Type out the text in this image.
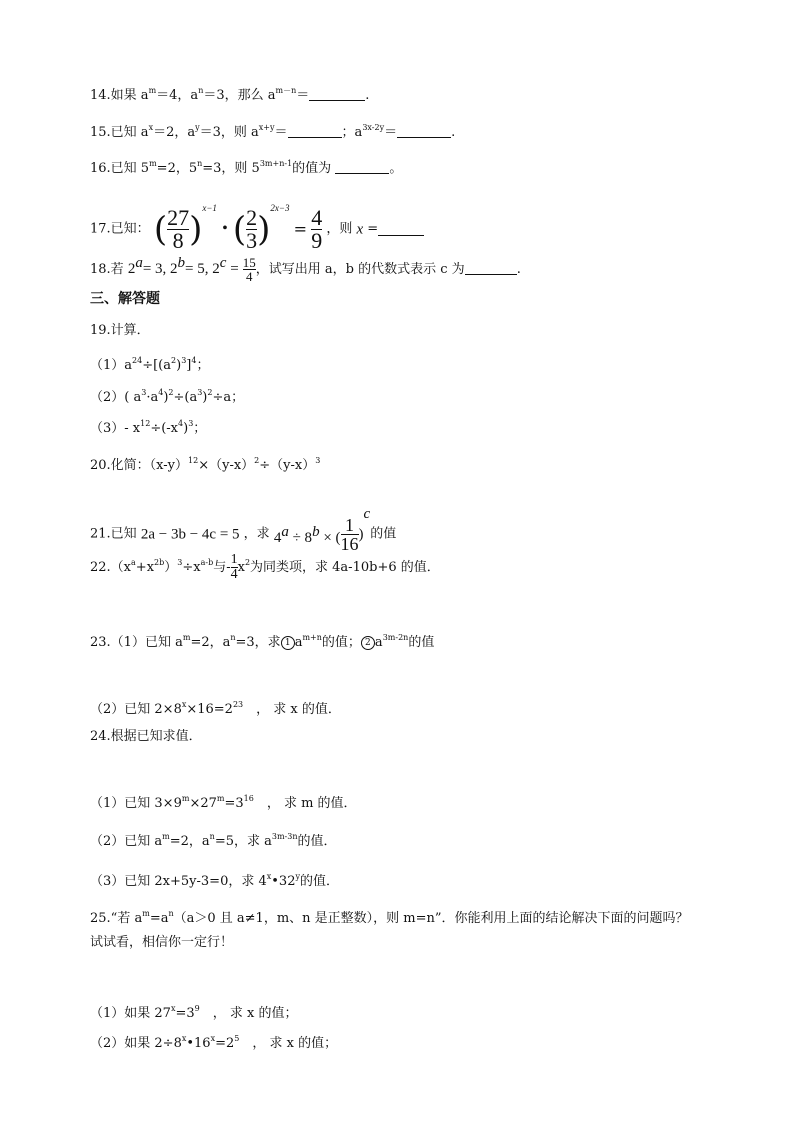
14.如果 $a^m=4$，$a^n=3$，那么 $a^{m-n}=$	.
15.已知 $a^x=2$，$a^y=3$，则 $a^{x+y}=$	；$a^{3x-2y}=$	.
16.已知 $5^m=2$，$5^n=3$，则 $5^{3m+n-1}$的值为	。
17.已知： ( $\frac{27}{8} )^{x-1}$ • ( $\frac{2}{3} )^{2x-3} = \frac{4}{9}$ ，则 x =
18.若 2a= 3, 2b= 5, $2c = \frac{15}{4}$ ，试写出用 a，b 的代数式表示 c 为	.
三、解答题
19.计算．
$(1)a^{24}\div[(a^2)^3]^4$；
（2）( $a^3\cdot a^4)^2\div(a^3)^2\div a$；
（3）- $x^{12}\div(-x^4)^3$；
20.化简：$(x-y)^{12}\times(y-x)^2\div(y-x)^3$
21.已知 2a − 3b − 4c = 5 ，求 4a ÷ 8b × ( $\frac{1}{16} )c$的值
$22.(x^a+x^{2b})^3\div x^{a-b}$与- $\frac{1}{4} x^2$为同类项，求 4a-10b+6 的值．
23.（1）已知 $a^m=2$，$a^n=3$，求 1 $a^{m+n}$的值； 2 $a^{3m-2n}$的值
（2）已知 $2\times 8^x\times 16=2^{23}$　， 求 x 的值．
24.根据已知求值．
（1）已知 $3\times 9^m\times 27^m=3^{16}$　， 求 m 的值．
（2）已知 $a^m=2$，$a^n=5$，求 $a^{3m-3n}$的值．
（3）已知 2x+5y-3=0，求 4$^x$•32$^y$的值．
25.“若 $a^m=a^n(a>0$ 且 a≠1，m、n 是正整数），则 m=n”．你能利用上面的结论解决下面的问题吗？
试试看，相信你一定行！
（1）如果 $27^x=3^9$　， 求 x 的值；
（2）如果 $2\div 8^x•16^x=2^5$　， 求 x 的值；
